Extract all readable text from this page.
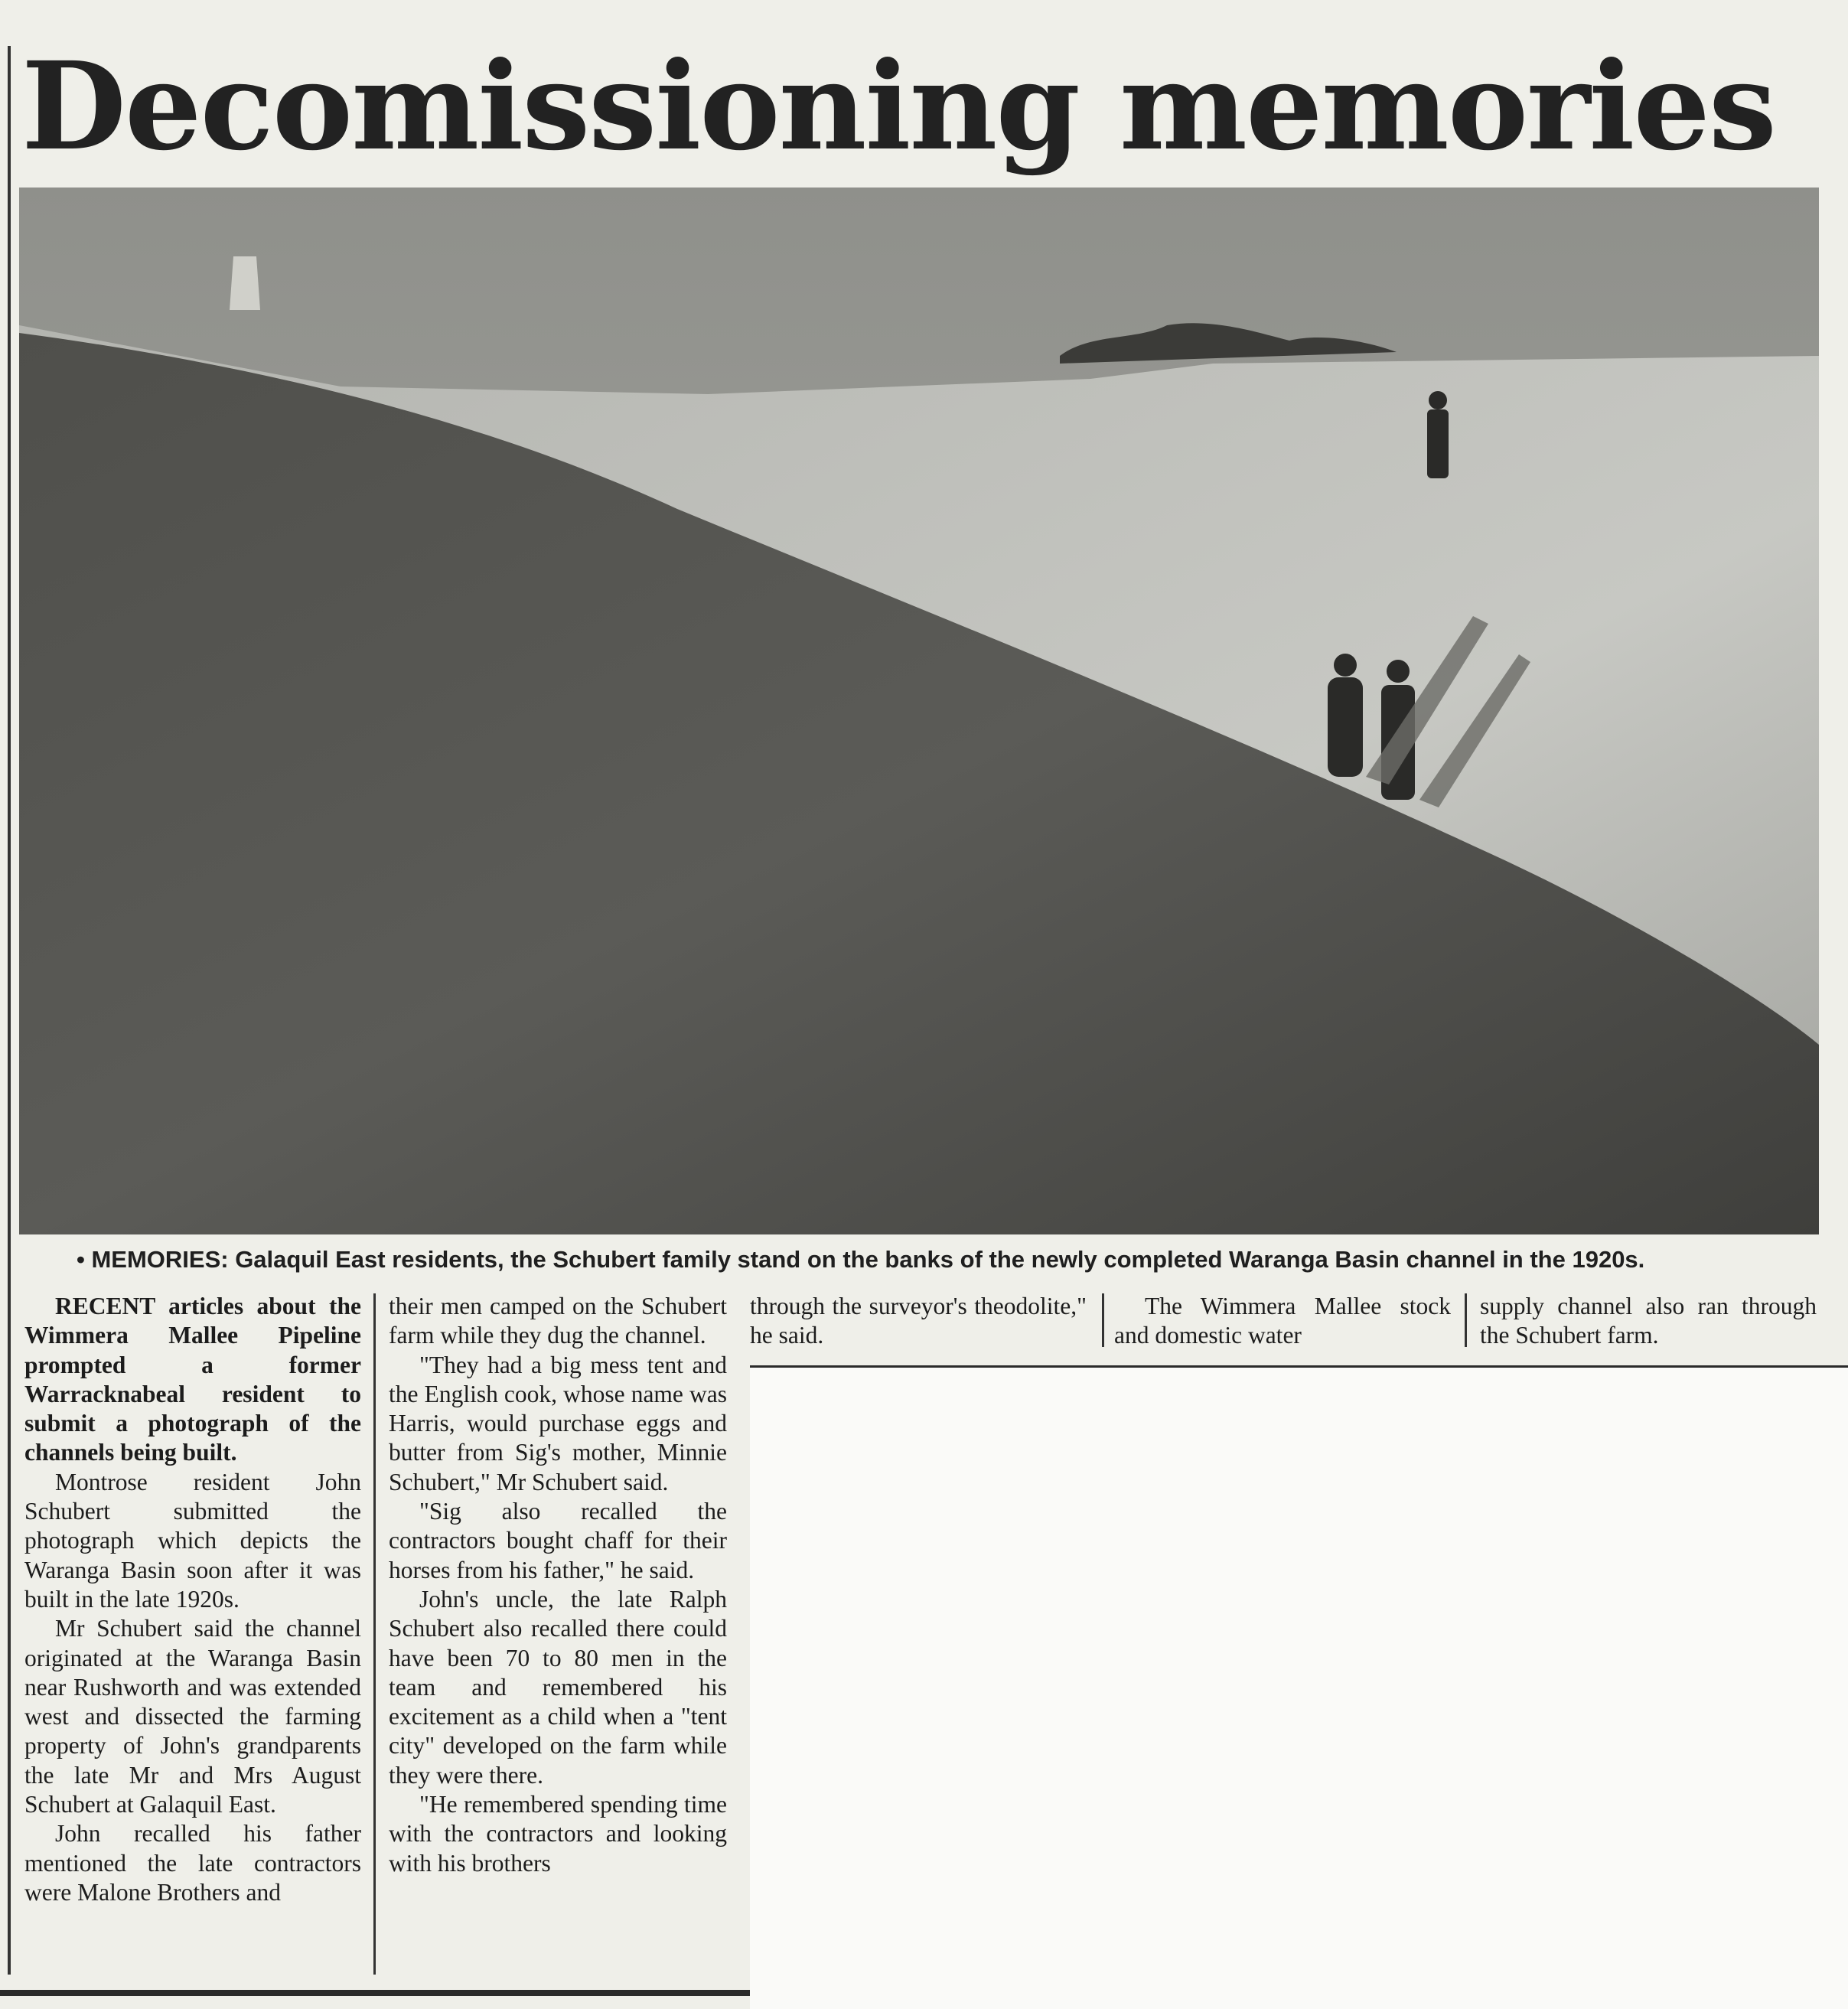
Decomissioning memories
• MEMORIES: Galaquil East residents, the Schubert family stand on the banks of the newly completed Waranga Basin channel in the 1920s.

RECENT articles about the Wimmera Mallee Pipeline prompted a former Warracknabeal resident to submit a photograph of the channels being built.

Montrose resident John Schubert submitted the photograph which depicts the Waranga Basin soon after it was built in the late 1920s.

Mr Schubert said the channel originated at the Waranga Basin near Rushworth and was extended west and dissected the farming property of John's grandparents the late Mr and Mrs August Schubert at Galaquil East.

John recalled his father mentioned the late contractors were Malone Brothers and

their men camped on the Schubert farm while they dug the channel.

"They had a big mess tent and the English cook, whose name was Harris, would purchase eggs and butter from Sig's mother, Minnie Schubert," Mr Schubert said.

"Sig also recalled the contractors bought chaff for their horses from his father," he said.

John's uncle, the late Ralph Schubert also recalled there could have been 70 to 80 men in the team and remembered his excitement as a child when a "tent city" developed on the farm while they were there.

"He remembered spending time with the contractors and looking with his brothers

through the surveyor's theodolite," he said.

The Wimmera Mallee stock and domestic water

supply channel also ran through the Schubert farm.
